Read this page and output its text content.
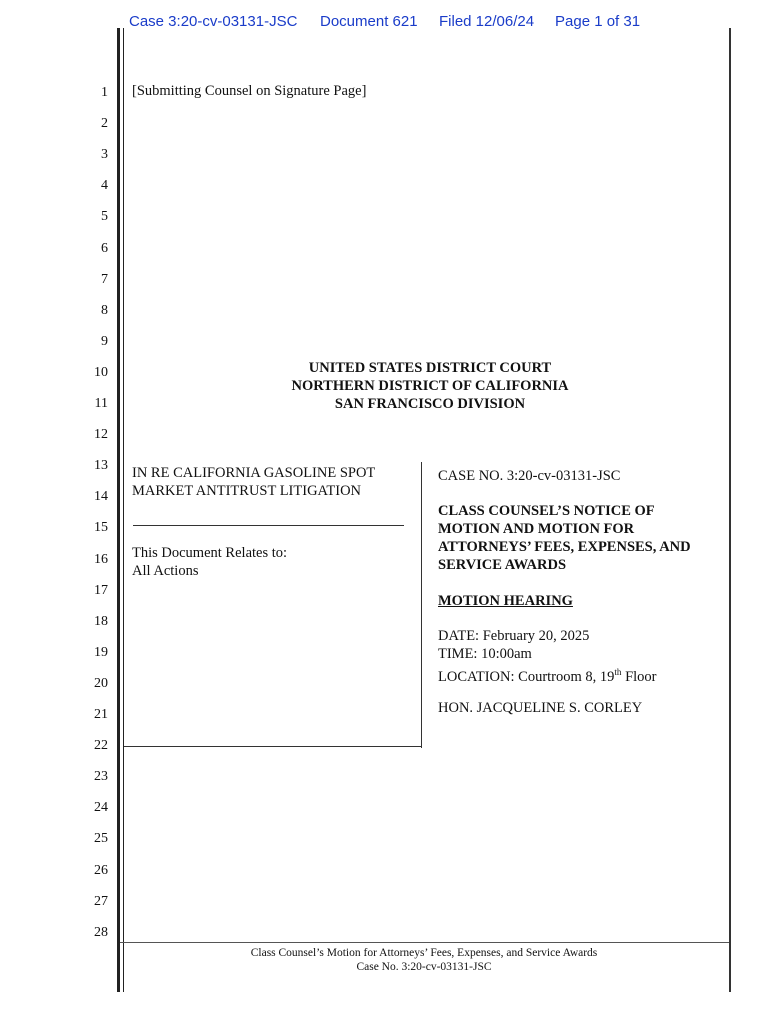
Case 3:20-cv-03131-JSC Document 621 Filed 12/06/24 Page 1 of 31
1
2
3
4
5
6
7
8
9
10
11
12
13
14
15
16
17
18
19
20
21
22
23
24
25
26
27
28
[Submitting Counsel on Signature Page]
UNITED STATES DISTRICT COURT
NORTHERN DISTRICT OF CALIFORNIA
SAN FRANCISCO DIVISION
IN RE CALIFORNIA GASOLINE SPOT
MARKET ANTITRUST LITIGATION
This Document Relates to:
All Actions
CASE NO. 3:20-cv-03131-JSC
CLASS COUNSEL’S NOTICE OF
MOTION AND MOTION FOR
ATTORNEYS’ FEES, EXPENSES, AND
SERVICE AWARDS
MOTION HEARING
DATE: February 20, 2025
TIME: 10:00am
LOCATION: Courtroom 8, 19th Floor
HON. JACQUELINE S. CORLEY
Class Counsel’s Motion for Attorneys’ Fees, Expenses, and Service Awards
Case No. 3:20-cv-03131-JSC
